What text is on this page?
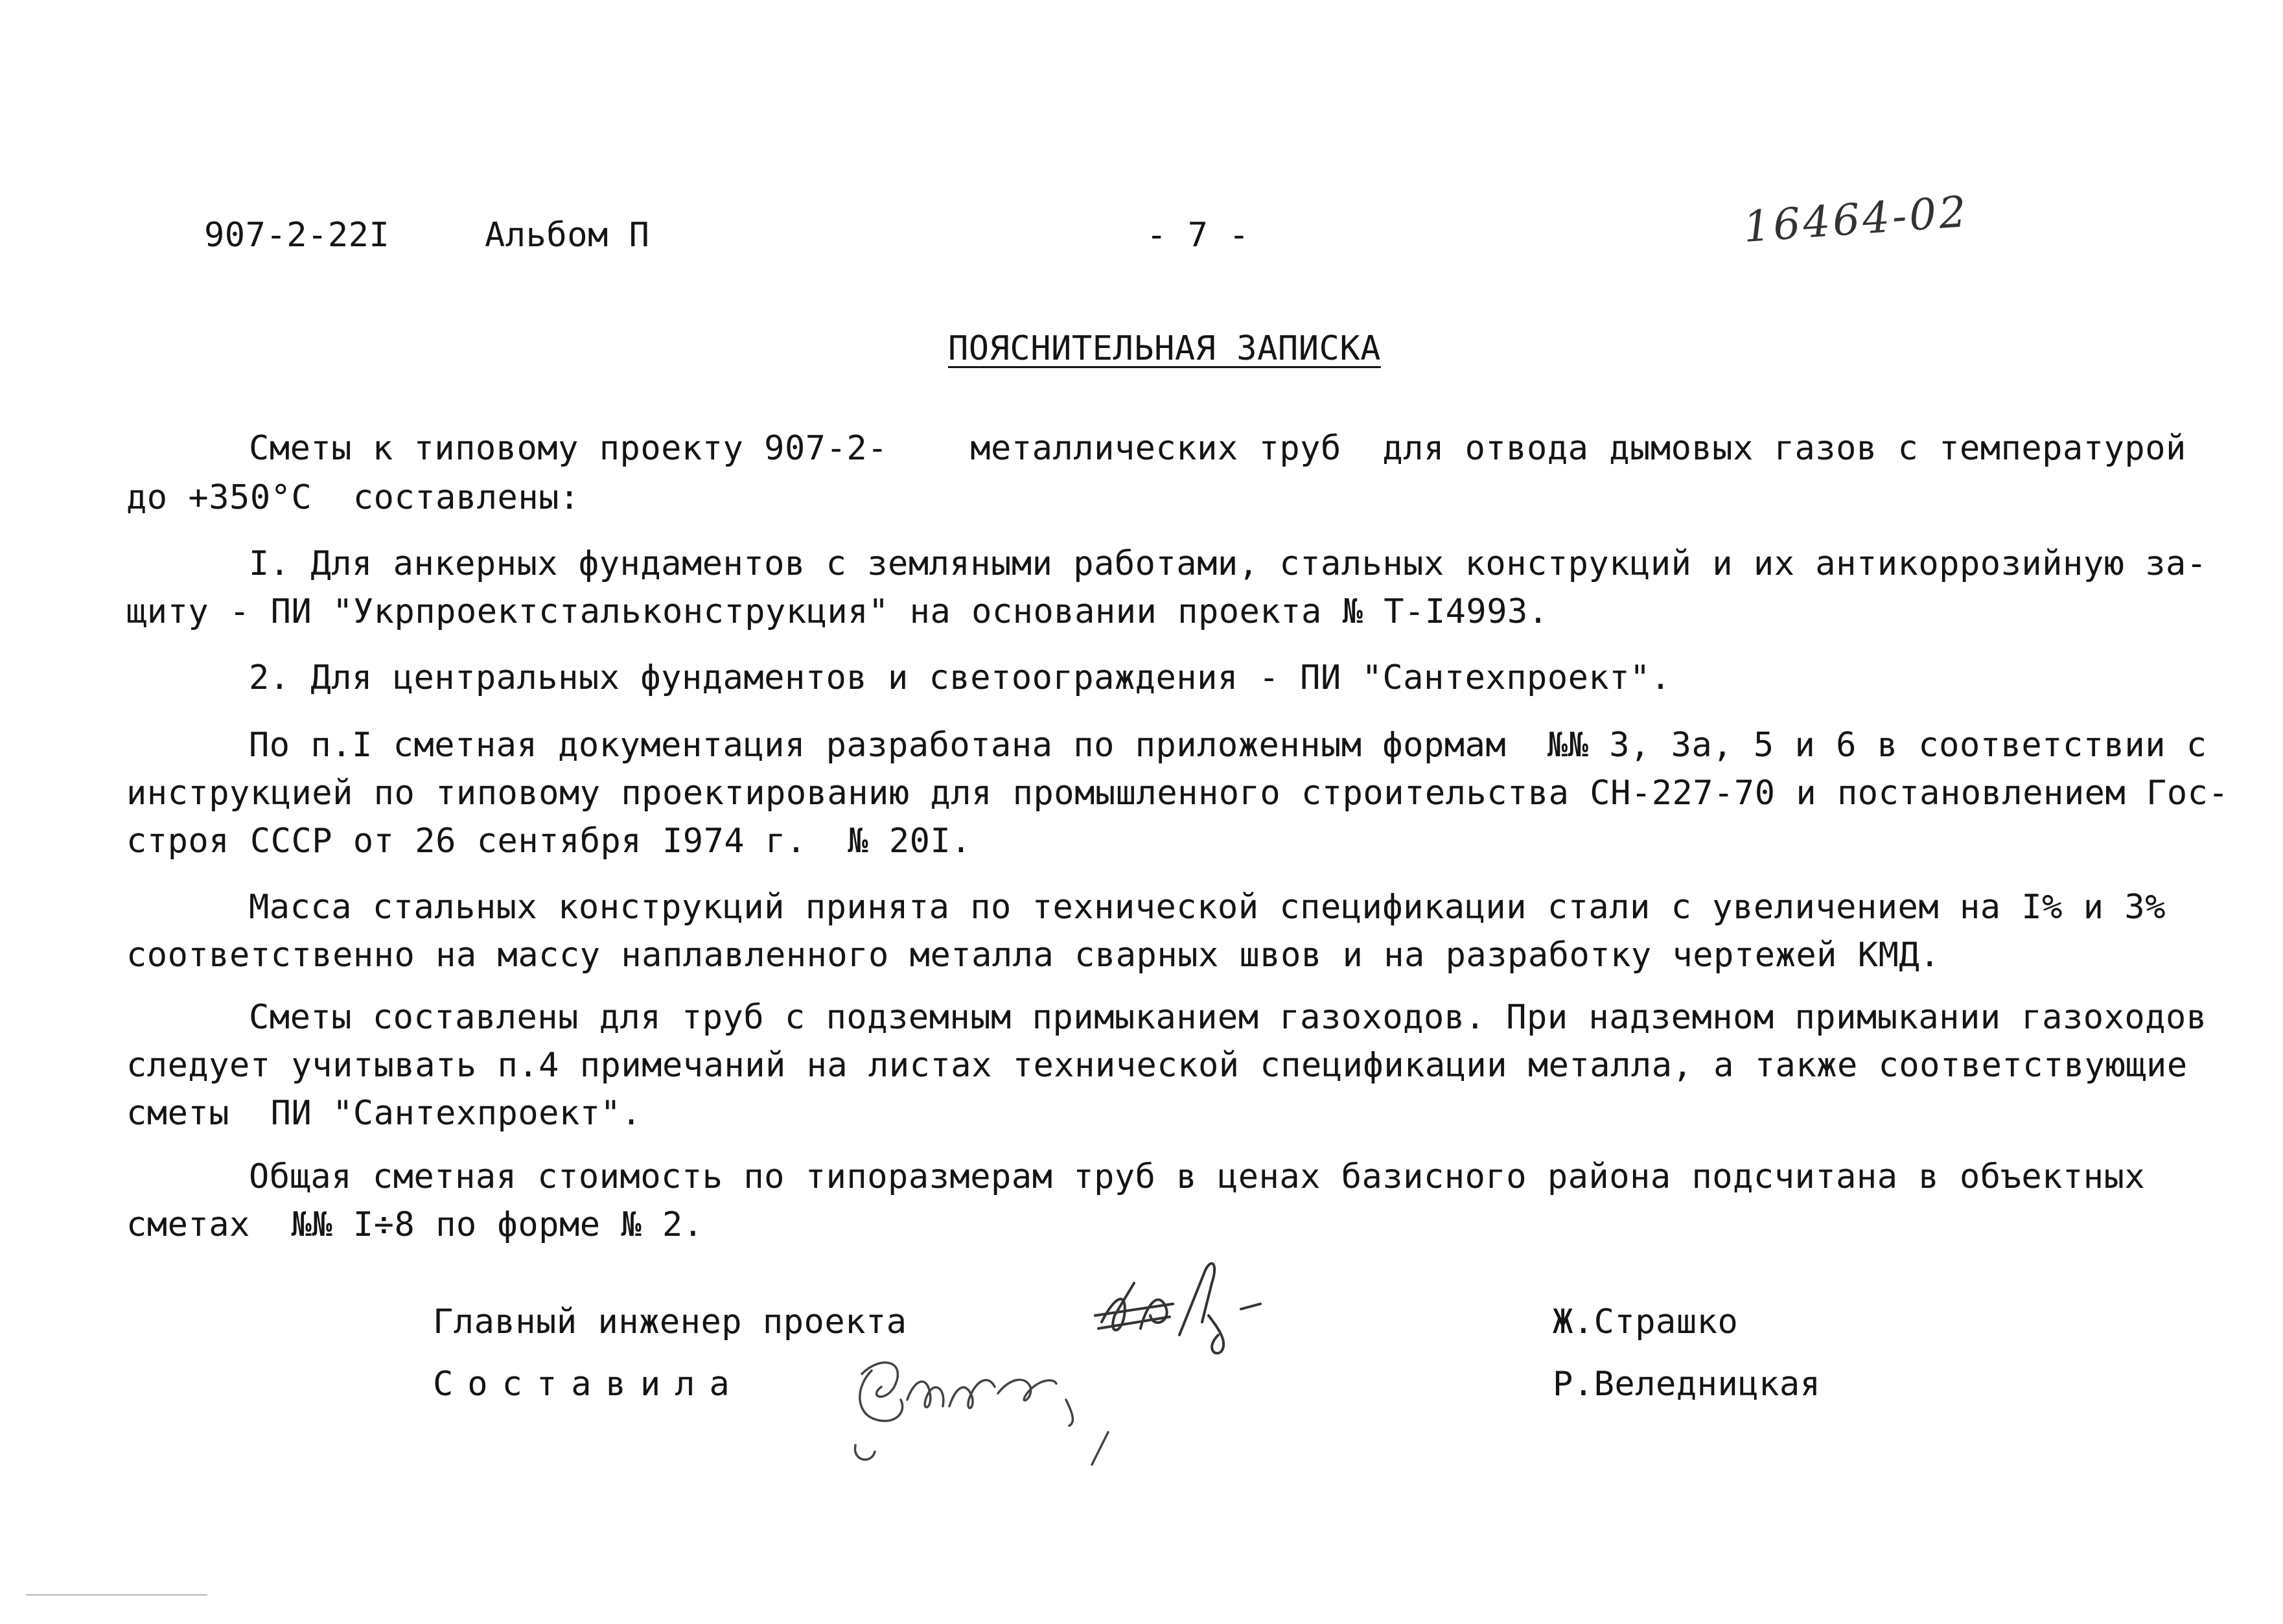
907-2-22I	Альбом П	- 7 -	16464-02
ПОЯСНИТЕЛЬНАЯ ЗАПИСКА
Сметы к типовому проекту 907-2-    металлических труб  для отвода дымовых газов с температурой
до +350°С  составлены:
I. Для анкерных фундаментов с земляными работами, стальных конструкций и их антикоррозийную за-
щиту - ПИ "Укрпроектстальконструкция" на основании проекта № Т-I4993.
2. Для центральных фундаментов и светоограждения - ПИ "Сантехпроект".
По п.I сметная документация разработана по приложенным формам  №№ 3, 3а, 5 и 6 в соответствии с
инструкцией по типовому проектированию для промышленного строительства СН-227-70 и постановлением Гос-
строя СССР от 26 сентября I974 г.  № 20I.
Масса стальных конструкций принята по технической спецификации стали с увеличением на I% и 3%
соответственно на массу наплавленного металла сварных швов и на разработку чертежей КМД.
Сметы составлены для труб с подземным примыканием газоходов. При надземном примыкании газоходов
следует учитывать п.4 примечаний на листах технической спецификации металла, а также соответствующие
сметы  ПИ "Сантехпроект".
Общая сметная стоимость по типоразмерам труб в ценах базисного района подсчитана в объектных
сметах  №№ I÷8 по форме № 2.
Главный инженер проекта
Составила
Ж.Страшко
Р.Веледницкая
